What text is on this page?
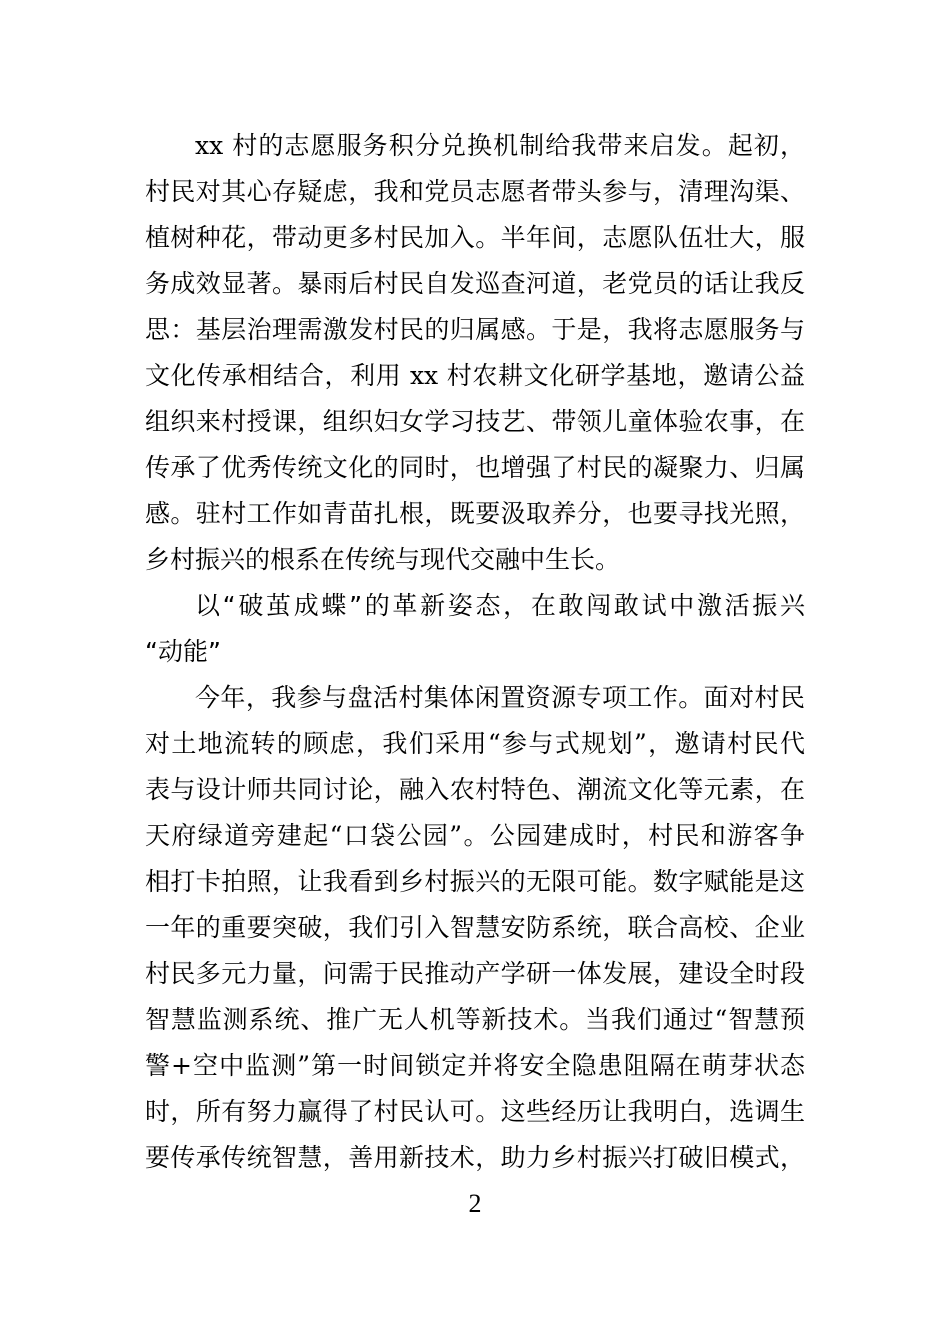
xx 村的志愿服务积分兑换机制给我带来启发。起初，
村民对其心存疑虑，我和党员志愿者带头参与，清理沟渠、
植树种花，带动更多村民加入。半年间，志愿队伍壮大，服
务成效显著。暴雨后村民自发巡查河道，老党员的话让我反
思：基层治理需激发村民的归属感。于是，我将志愿服务与
文化传承相结合，利用 xx 村农耕文化研学基地，邀请公益
组织来村授课，组织妇女学习技艺、带领儿童体验农事，在
传承了优秀传统文化的同时，也增强了村民的凝聚力、归属
感。驻村工作如青苗扎根，既要汲取养分，也要寻找光照，
乡村振兴的根系在传统与现代交融中生长。
以“破茧成蝶”的革新姿态，在敢闯敢试中激活振兴
“动能”
今年，我参与盘活村集体闲置资源专项工作。面对村民
对土地流转的顾虑，我们采用“参与式规划”，邀请村民代
表与设计师共同讨论，融入农村特色、潮流文化等元素，在
天府绿道旁建起“口袋公园”。公园建成时，村民和游客争
相打卡拍照，让我看到乡村振兴的无限可能。数字赋能是这
一年的重要突破，我们引入智慧安防系统，联合高校、企业
村民多元力量，问需于民推动产学研一体发展，建设全时段
智慧监测系统、推广无人机等新技术。当我们通过“智慧预
警+空中监测”第一时间锁定并将安全隐患阻隔在萌芽状态
时，所有努力赢得了村民认可。这些经历让我明白，选调生
要传承传统智慧，善用新技术，助力乡村振兴打破旧模式，
2
